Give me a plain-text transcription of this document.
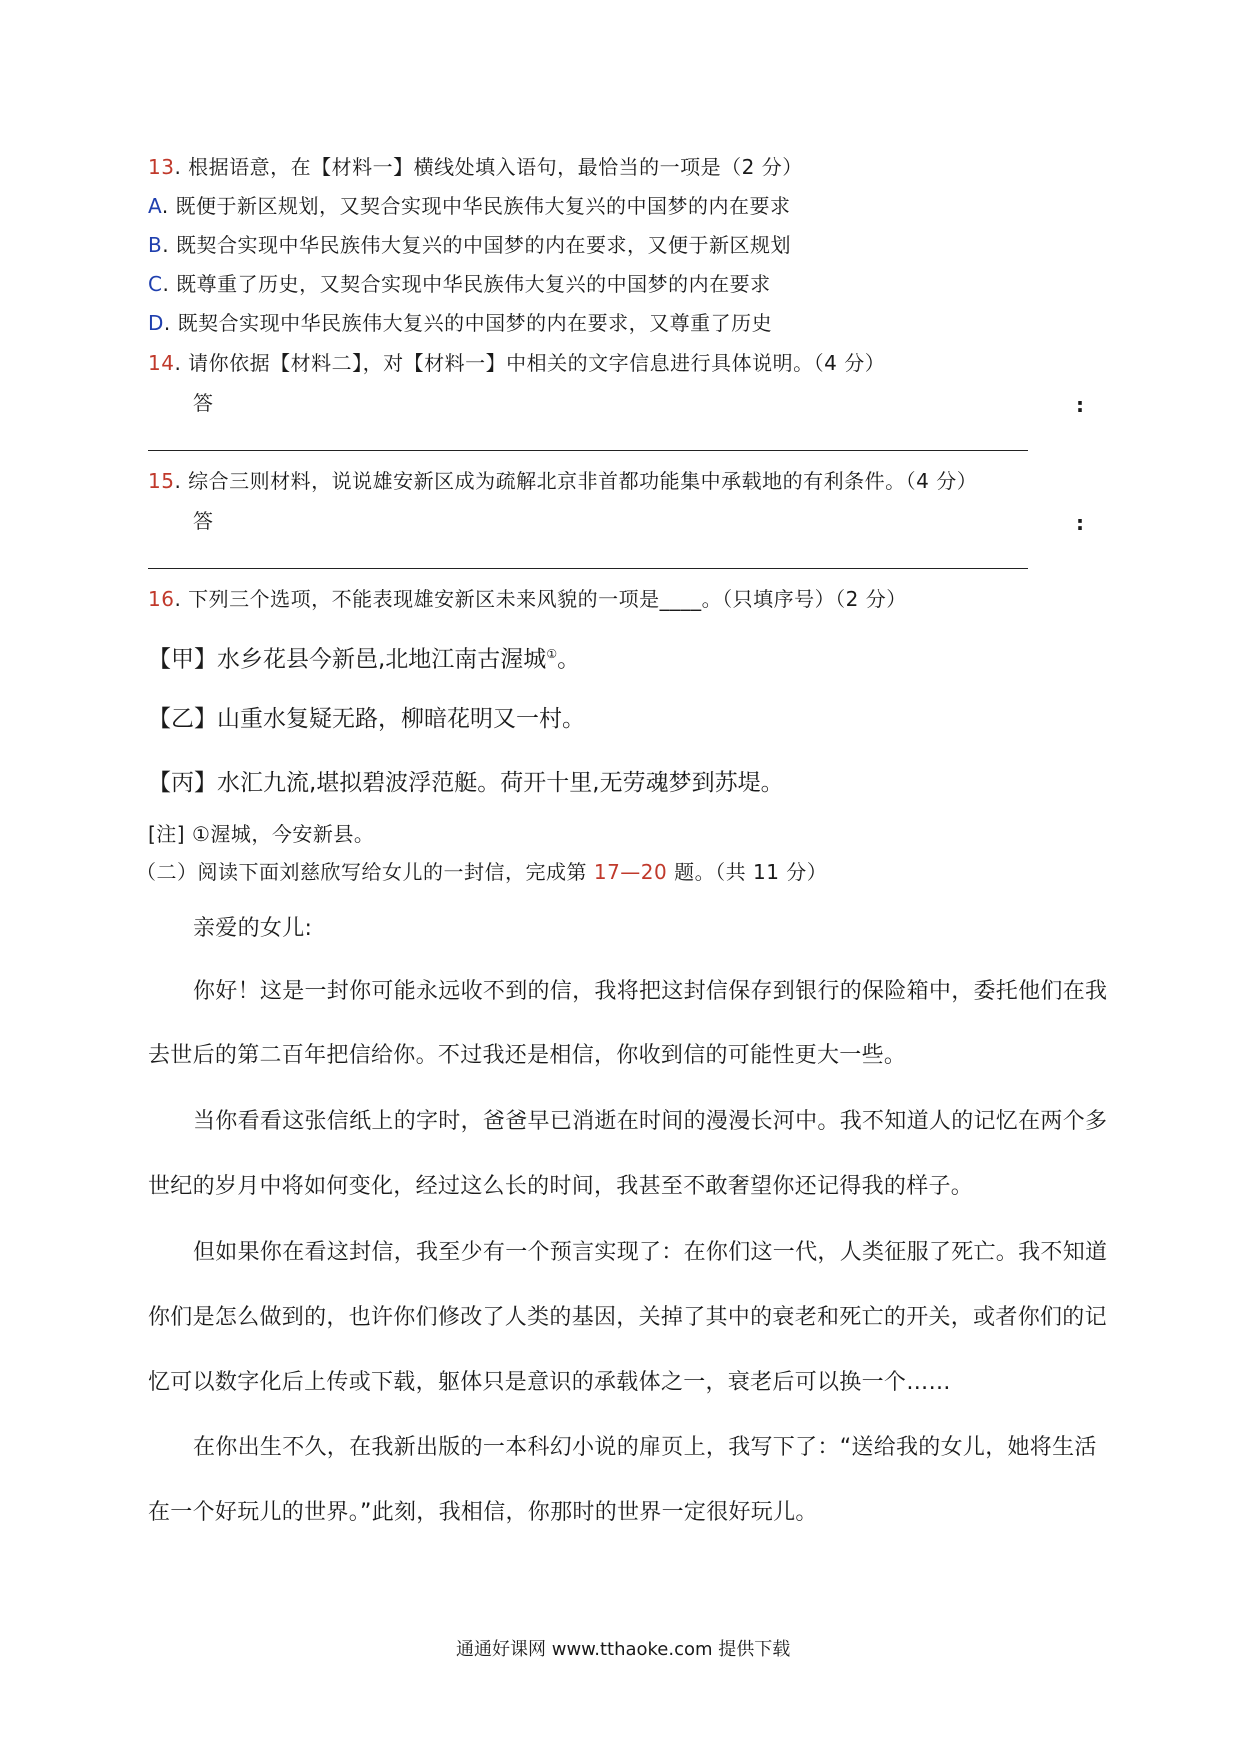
13. 根据语意，在【材料一】横线处填入语句，最恰当的一项是（2 分）
A. 既便于新区规划，又契合实现中华民族伟大复兴的中国梦的内在要求
B. 既契合实现中华民族伟大复兴的中国梦的内在要求，又便于新区规划
C. 既尊重了历史，又契合实现中华民族伟大复兴的中国梦的内在要求
D. 既契合实现中华民族伟大复兴的中国梦的内在要求，又尊重了历史
14. 请你依据【材料二】，对【材料一】中相关的文字信息进行具体说明。（4 分）
答	:
15. 综合三则材料，说说雄安新区成为疏解北京非首都功能集中承载地的有利条件。（4 分）
答	:
16. 下列三个选项，不能表现雄安新区未来风貌的一项是____。（只填序号）（2 分）
【甲】水乡花县今新邑,北地江南古渥城①。
【乙】山重水复疑无路，柳暗花明又一村。
【丙】水汇九流,堪拟碧波浮范艇。荷开十里,无劳魂梦到苏堤。
[注] ①渥城，今安新县。
（二）阅读下面刘慈欣写给女儿的一封信，完成第 17—20 题。（共 11 分）
亲爱的女儿:
你好！这是一封你可能永远收不到的信，我将把这封信保存到银行的保险箱中，委托他们在我
去世后的第二百年把信给你。不过我还是相信，你收到信的可能性更大一些。
当你看看这张信纸上的字时，爸爸早已消逝在时间的漫漫长河中。我不知道人的记忆在两个多
世纪的岁月中将如何变化，经过这么长的时间，我甚至不敢奢望你还记得我的样子。
但如果你在看这封信，我至少有一个预言实现了：在你们这一代，人类征服了死亡。我不知道
你们是怎么做到的，也许你们修改了人类的基因，关掉了其中的衰老和死亡的开关，或者你们的记
忆可以数字化后上传或下载，躯体只是意识的承载体之一，衰老后可以换一个……
在你出生不久，在我新出版的一本科幻小说的扉页上，我写下了：“送给我的女儿，她将生活
在一个好玩儿的世界。”此刻，我相信，你那时的世界一定很好玩儿。
通通好课网 www.tthaoke.com 提供下载
